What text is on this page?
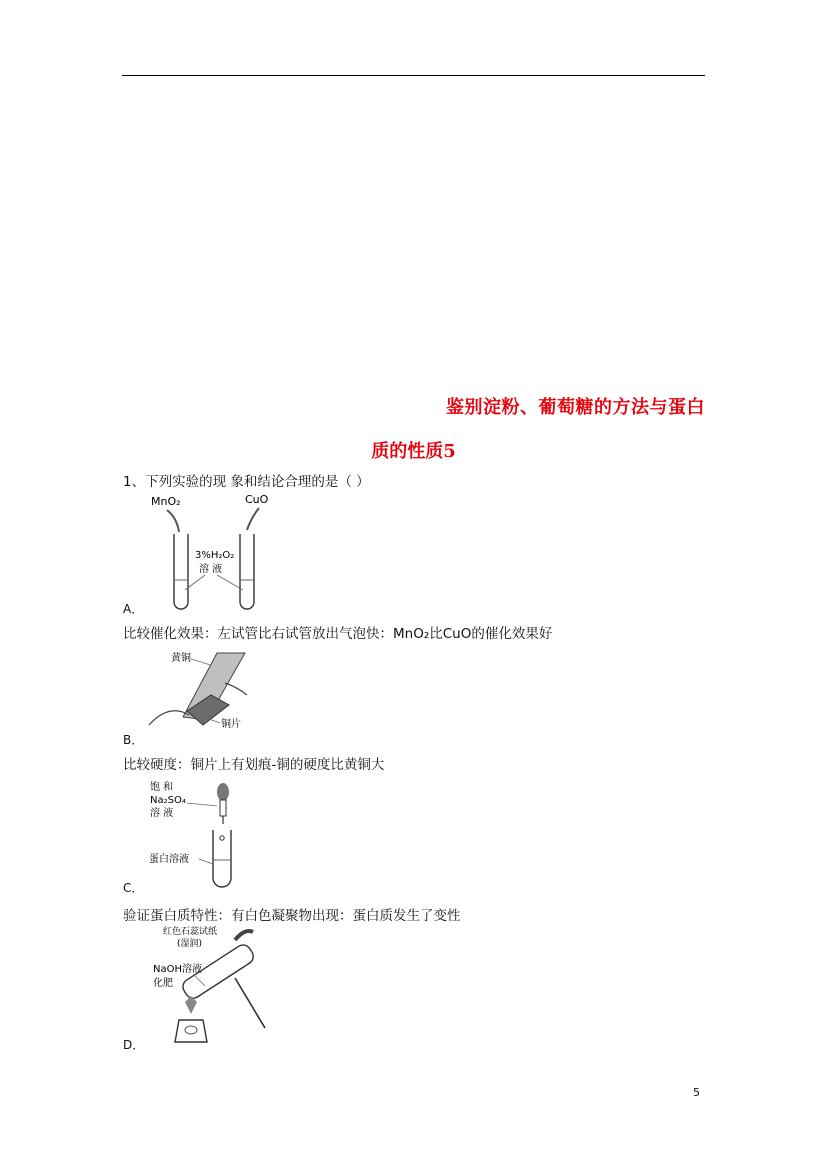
鉴别淀粉、葡萄糖的方法与蛋白
质的性质5
1、下列实验的现 象和结论合理的是（ ）
MnO₂	CuO
3%H₂O₂
溶 液
A．
比较催化效果：左试管比右试管放出气泡快：MnO₂比CuO的催化效果好
黄铜
铜片
B．
比较硬度：铜片上有划痕-铜的硬度比黄铜大
饱 和
Na₂SO₄
溶 液
蛋白溶液
C．
验证蛋白质特性：有白色凝聚物出现：蛋白质发生了变性
红色石蕊试纸
(湿润)
NaOH溶液
化肥
D．
5
